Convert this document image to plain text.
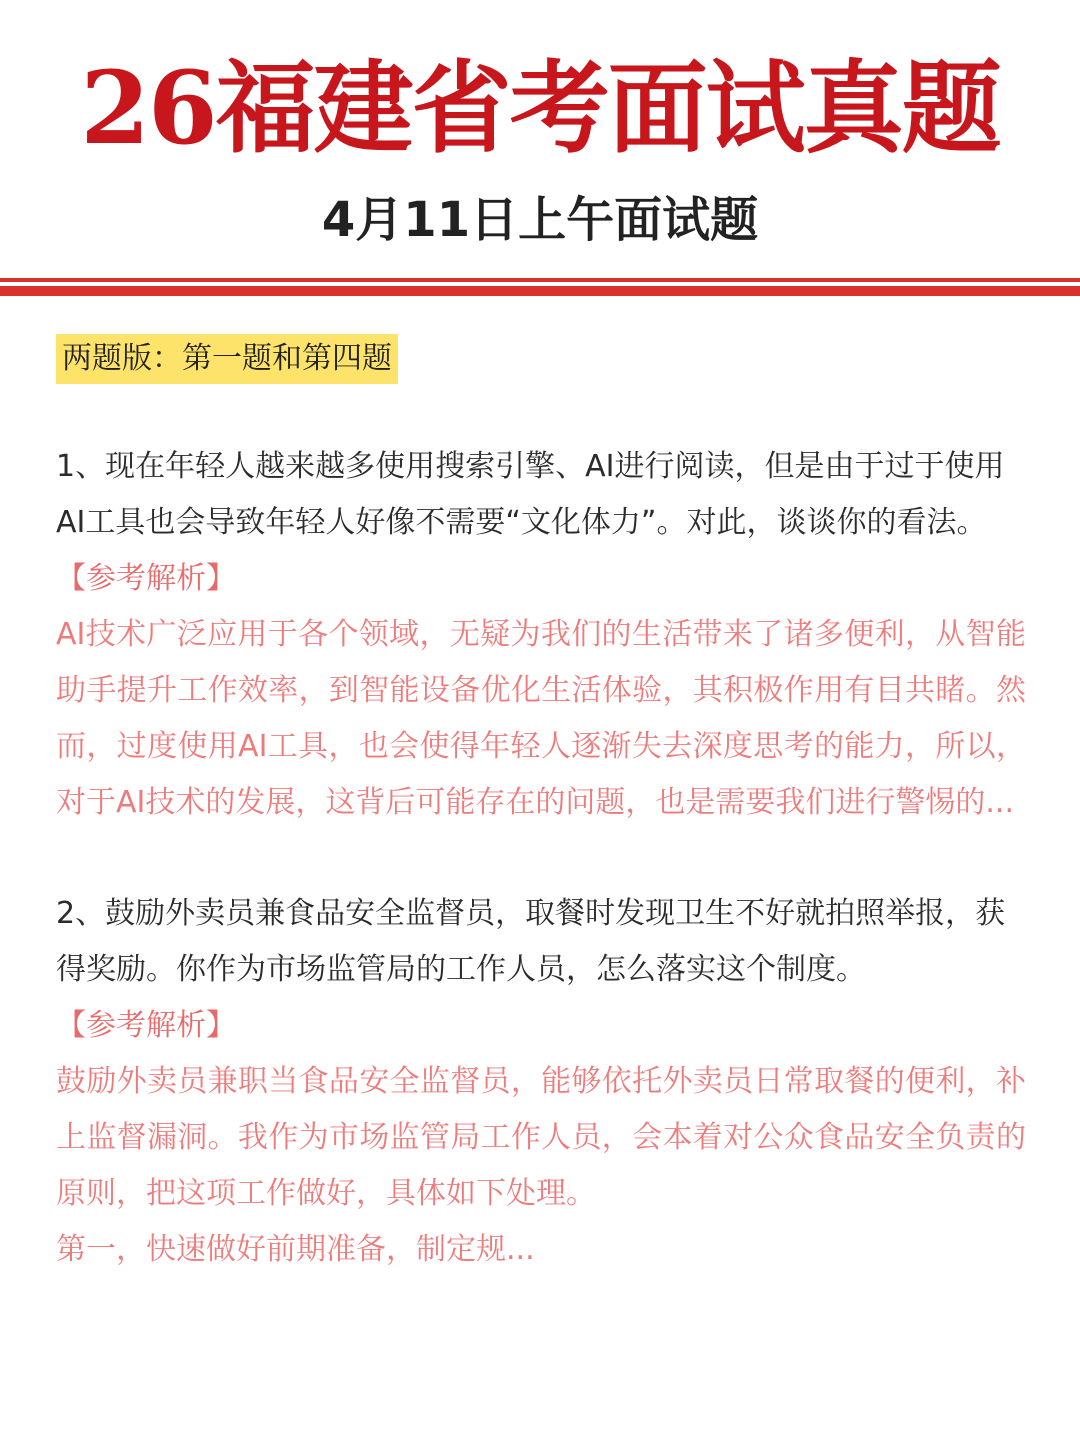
26福建省考面试真题
4月11日上午面试题
两题版：第一题和第四题

1、现在年轻人越来越多使用搜索引擎、AI进行阅读，但是由于过于使用AI工具也会导致年轻人好像不需要“文化体力”。对此，谈谈你的看法。

【参考解析】

AI技术广泛应用于各个领域，无疑为我们的生活带来了诸多便利，从智能助手提升工作效率，到智能设备优化生活体验，其积极作用有目共睹。然而，过度使用AI工具，也会使得年轻人逐渐失去深度思考的能力，所以，对于AI技术的发展，这背后可能存在的问题，也是需要我们进行警惕的...

2、鼓励外卖员兼食品安全监督员，取餐时发现卫生不好就拍照举报，获得奖励。你作为市场监管局的工作人员，怎么落实这个制度。

【参考解析】

鼓励外卖员兼职当食品安全监督员，能够依托外卖员日常取餐的便利，补上监督漏洞。我作为市场监管局工作人员，会本着对公众食品安全负责的原则，把这项工作做好，具体如下处理。

第一，快速做好前期准备，制定规...
